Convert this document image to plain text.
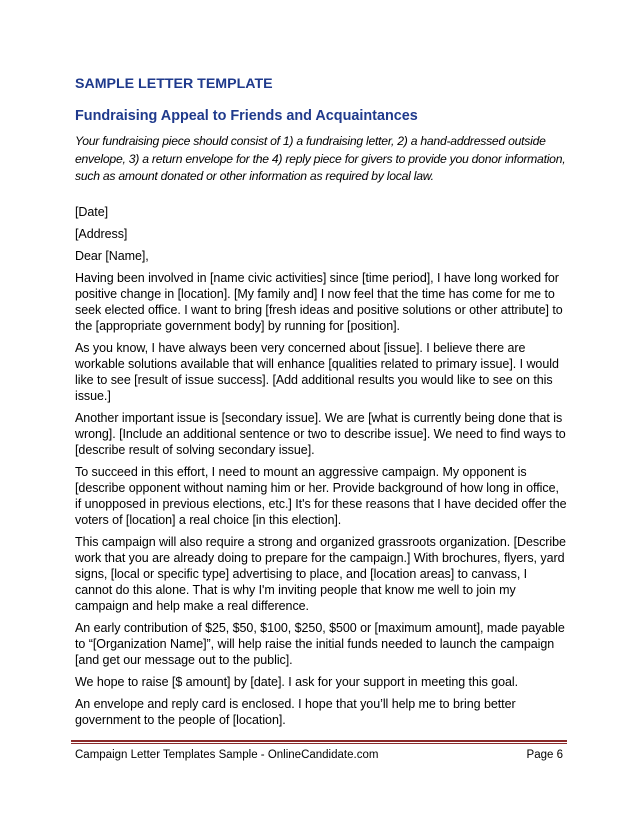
SAMPLE LETTER TEMPLATE
Fundraising Appeal to Friends and Acquaintances
Your fundraising piece should consist of 1) a fundraising letter, 2) a hand-addressed outside envelope, 3) a return envelope for the 4) reply piece for givers to provide you donor information, such as amount donated or other information as required by local law.
[Date]
[Address]
Dear [Name],
Having been involved in [name civic activities] since [time period], I have long worked for positive change in [location]. [My family and] I now feel that the time has come for me to seek elected office. I want to bring [fresh ideas and positive solutions or other attribute] to the [appropriate government body] by running for [position].
As you know, I have always been very concerned about [issue]. I believe there are workable solutions available that will enhance [qualities related to primary issue]. I would like to see [result of issue success]. [Add additional results you would like to see on this issue.]
Another important issue is [secondary issue]. We are [what is currently being done that is wrong]. [Include an additional sentence or two to describe issue]. We need to find ways to [describe result of solving secondary issue].
To succeed in this effort, I need to mount an aggressive campaign. My opponent is [describe opponent without naming him or her. Provide background of how long in office, if unopposed in previous elections, etc.] It's for these reasons that I have decided offer the voters of [location] a real choice [in this election].
This campaign will also require a strong and organized grassroots organization. [Describe work that you are already doing to prepare for the campaign.] With brochures, flyers, yard signs, [local or specific type] advertising to place, and [location areas] to canvass, I cannot do this alone. That is why I'm inviting people that know me well to join my campaign and help make a real difference.
An early contribution of $25, $50, $100, $250, $500 or [maximum amount], made payable to “[Organization Name]”, will help raise the initial funds needed to launch the campaign [and get our message out to the public].
We hope to raise [$ amount] by [date]. I ask for your support in meeting this goal.
An envelope and reply card is enclosed. I hope that you’ll help me to bring better government to the people of [location].
Campaign Letter Templates Sample - OnlineCandidate.com	Page 6
